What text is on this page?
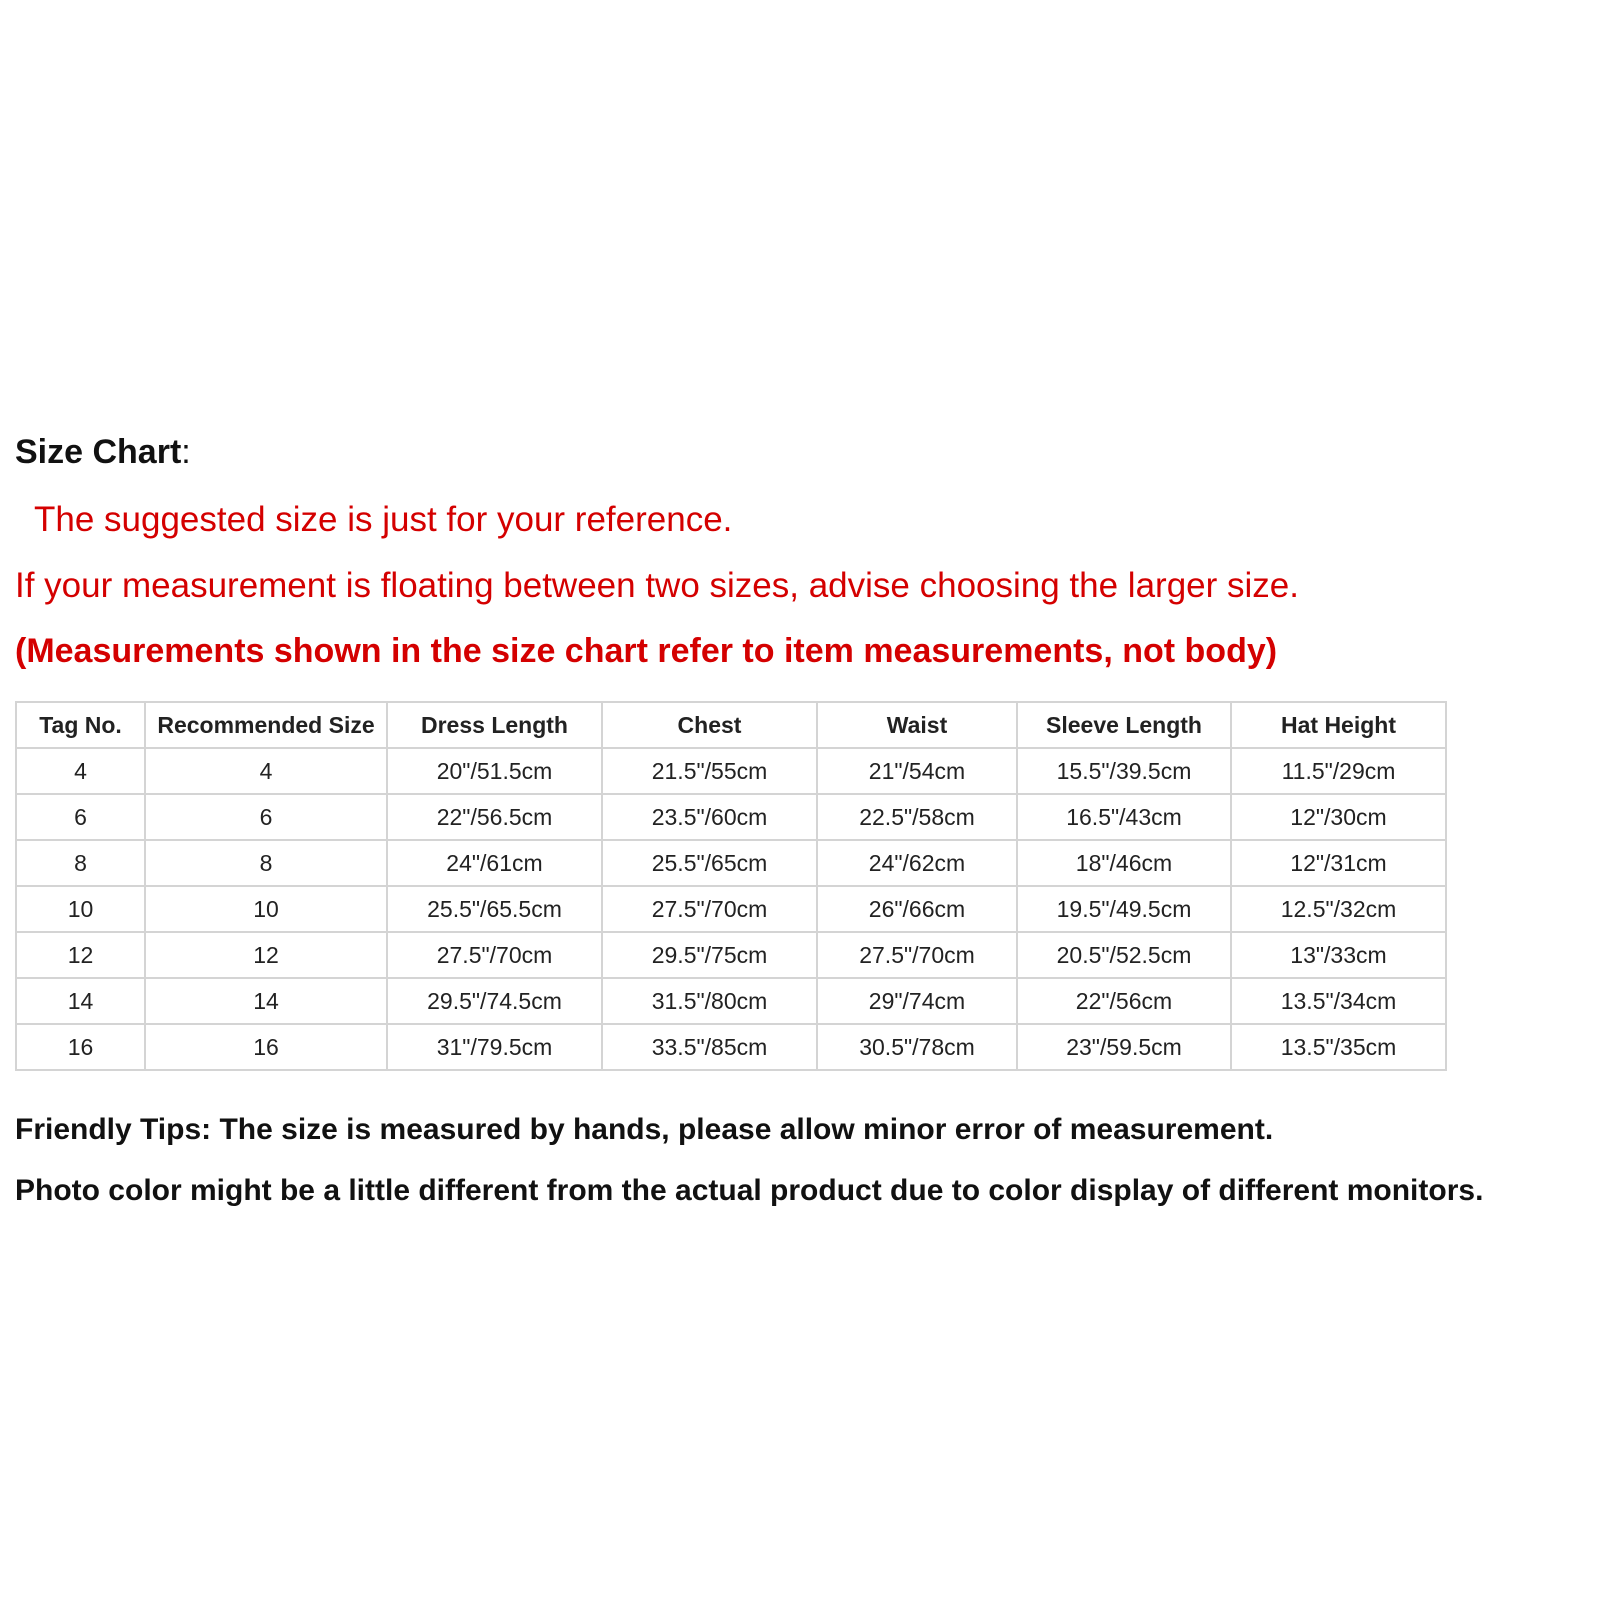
Size Chart:
The suggested size is just for your reference.
If your measurement is floating between two sizes, advise choosing the larger size.
(Measurements shown in the size chart refer to item measurements, not body)
Tag No.	Recommended Size	Dress Length	Chest	Waist	Sleeve Length	Hat Height
4	4	20"/51.5cm	21.5"/55cm	21"/54cm	15.5"/39.5cm	11.5"/29cm
6	6	22"/56.5cm	23.5"/60cm	22.5"/58cm	16.5"/43cm	12"/30cm
8	8	24"/61cm	25.5"/65cm	24"/62cm	18"/46cm	12"/31cm
10	10	25.5"/65.5cm	27.5"/70cm	26"/66cm	19.5"/49.5cm	12.5"/32cm
12	12	27.5"/70cm	29.5"/75cm	27.5"/70cm	20.5"/52.5cm	13"/33cm
14	14	29.5"/74.5cm	31.5"/80cm	29"/74cm	22"/56cm	13.5"/34cm
16	16	31"/79.5cm	33.5"/85cm	30.5"/78cm	23"/59.5cm	13.5"/35cm
Friendly Tips: The size is measured by hands, please allow minor error of measurement.
Photo color might be a little different from the actual product due to color display of different monitors.
